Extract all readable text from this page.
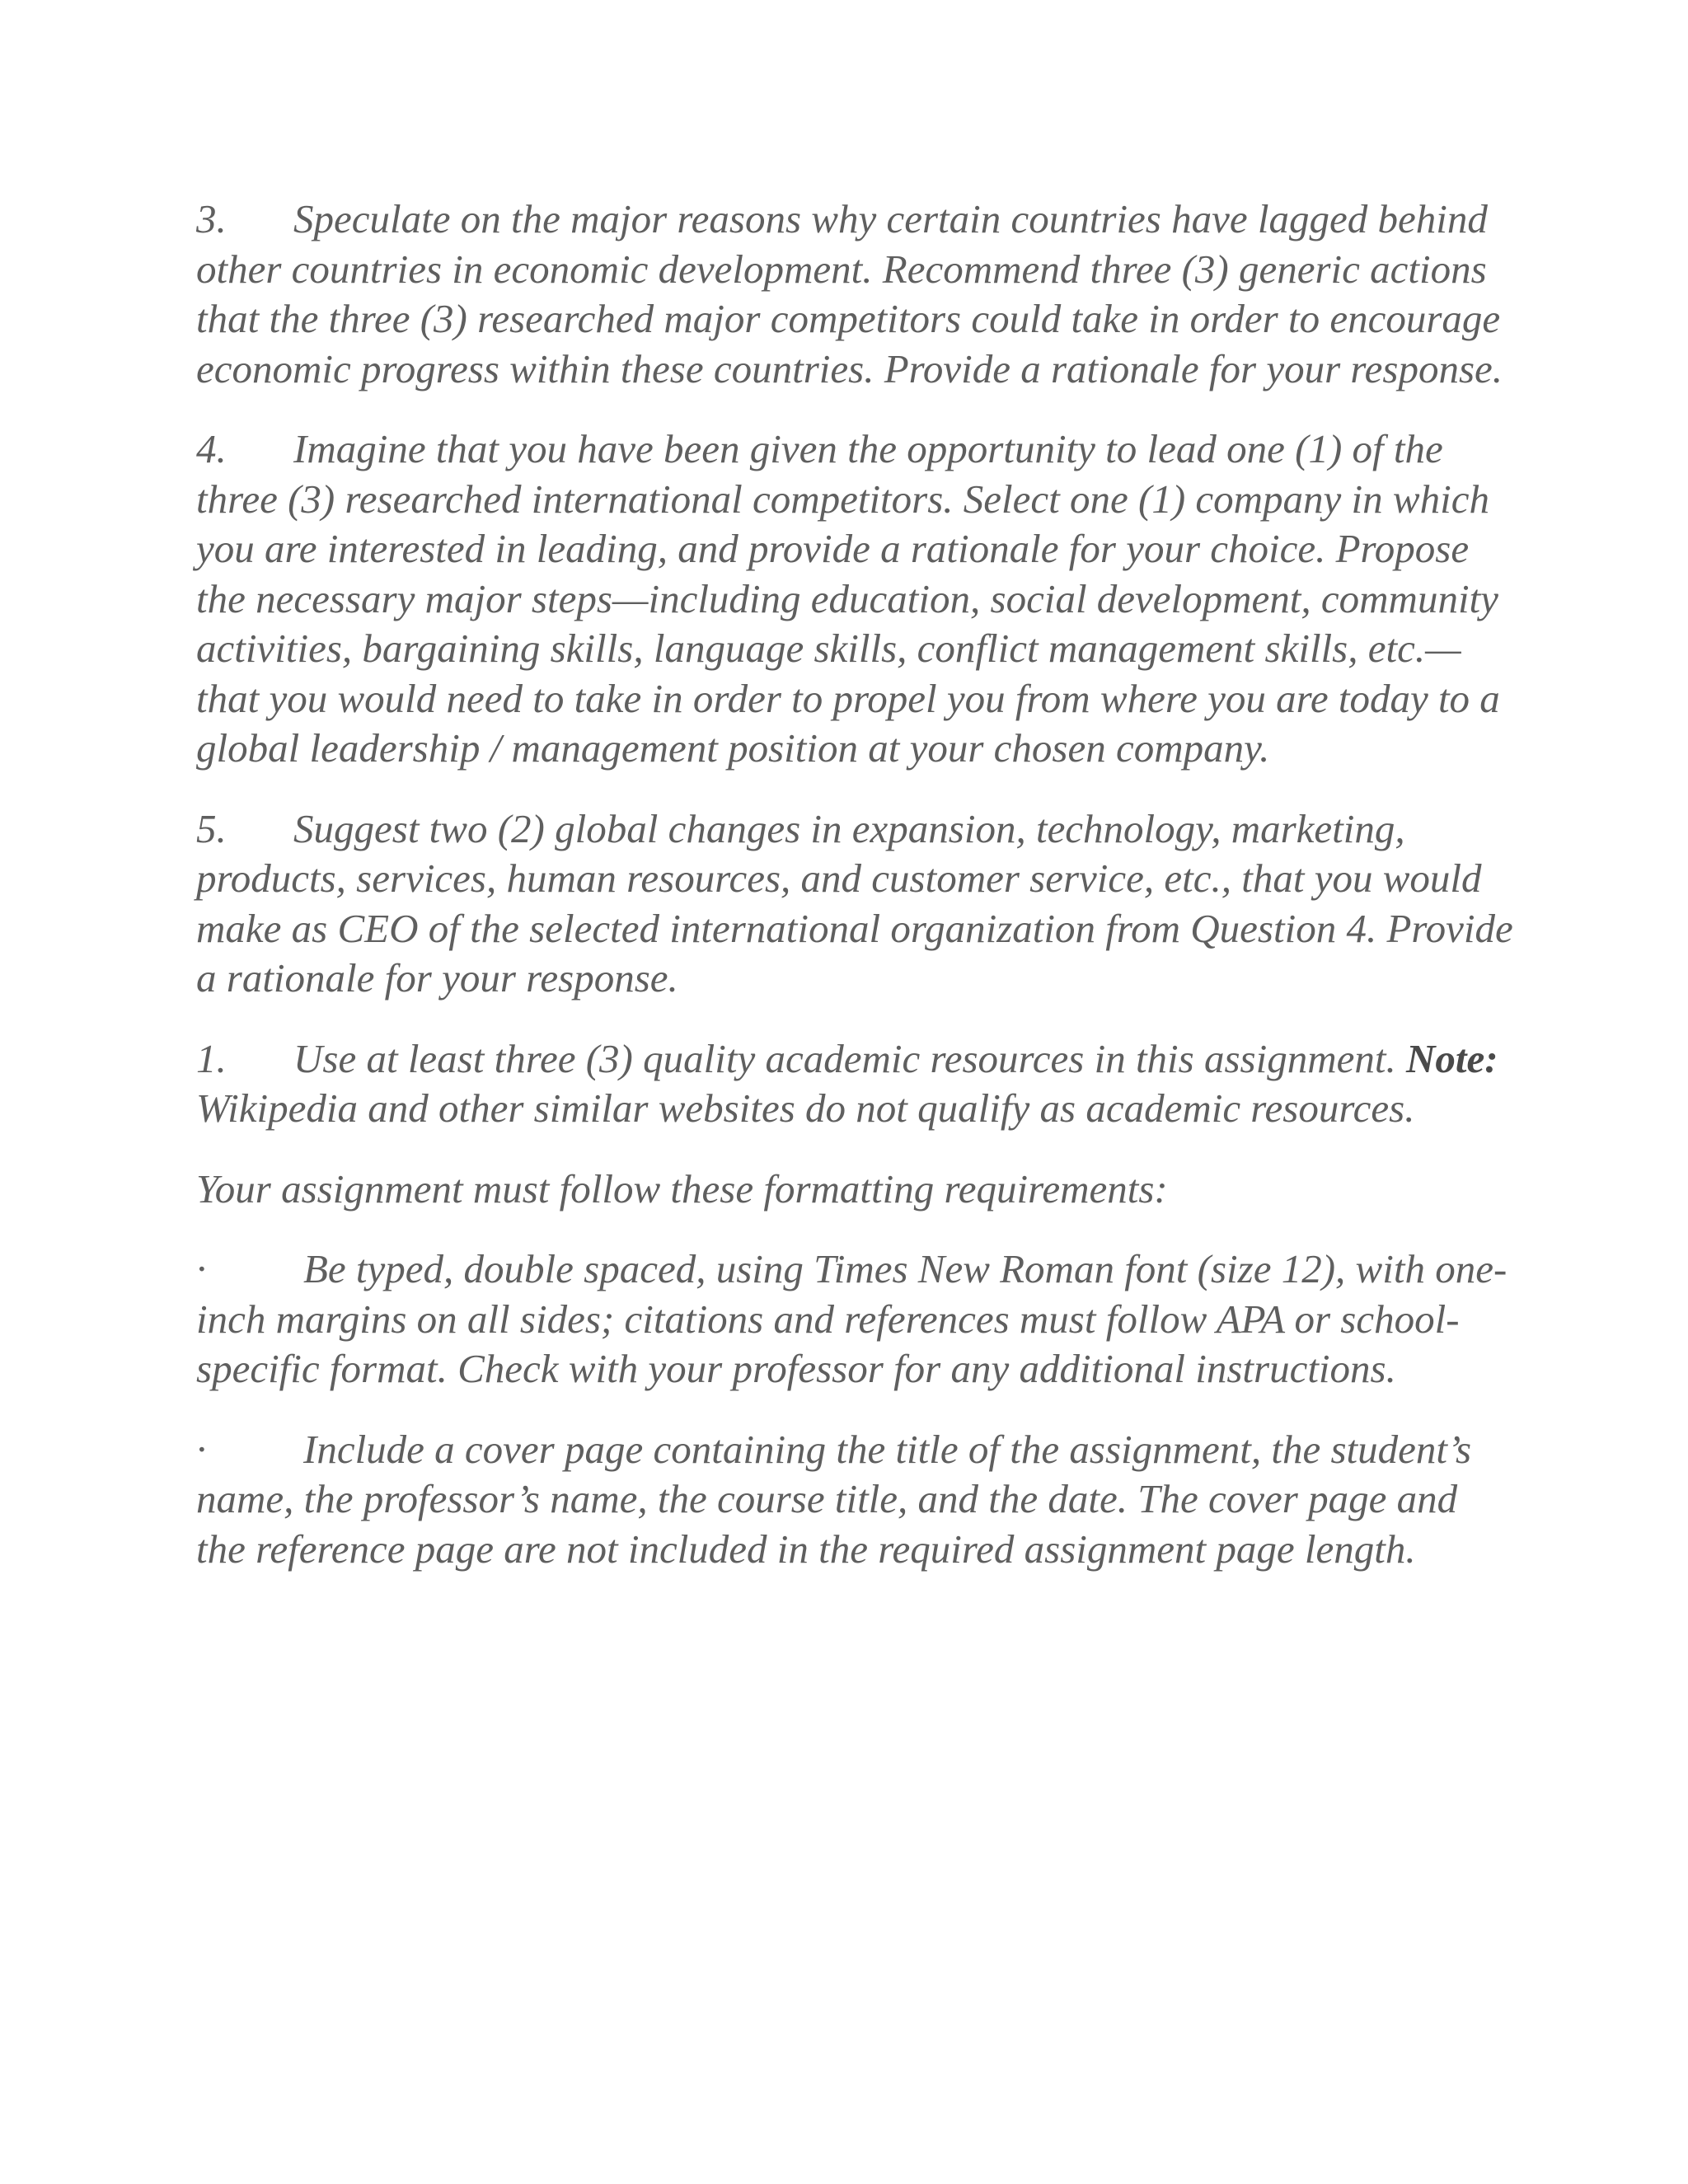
3. Speculate on the major reasons why certain countries have lagged behind other countries in economic development. Recommend three (3) generic actions that the three (3) researched major competitors could take in order to encourage economic progress within these countries. Provide a rationale for your response.

4. Imagine that you have been given the opportunity to lead one (1) of the three (3) researched international competitors. Select one (1) company in which you are interested in leading, and provide a rationale for your choice. Propose the necessary major steps—including education, social development, community activities, bargaining skills, language skills, conflict management skills, etc.—that you would need to take in order to propel you from where you are today to a global leadership / management position at your chosen company.

5. Suggest two (2) global changes in expansion, technology, marketing, products, services, human resources, and customer service, etc., that you would make as CEO of the selected international organization from Question 4. Provide a rationale for your response.

1. Use at least three (3) quality academic resources in this assignment. Note: Wikipedia and other similar websites do not qualify as academic resources.

Your assignment must follow these formatting requirements:

· Be typed, double spaced, using Times New Roman font (size 12), with one-inch margins on all sides; citations and references must follow APA or school-specific format. Check with your professor for any additional instructions.

· Include a cover page containing the title of the assignment, the student’s name, the professor’s name, the course title, and the date. The cover page and the reference page are not included in the required assignment page length.
